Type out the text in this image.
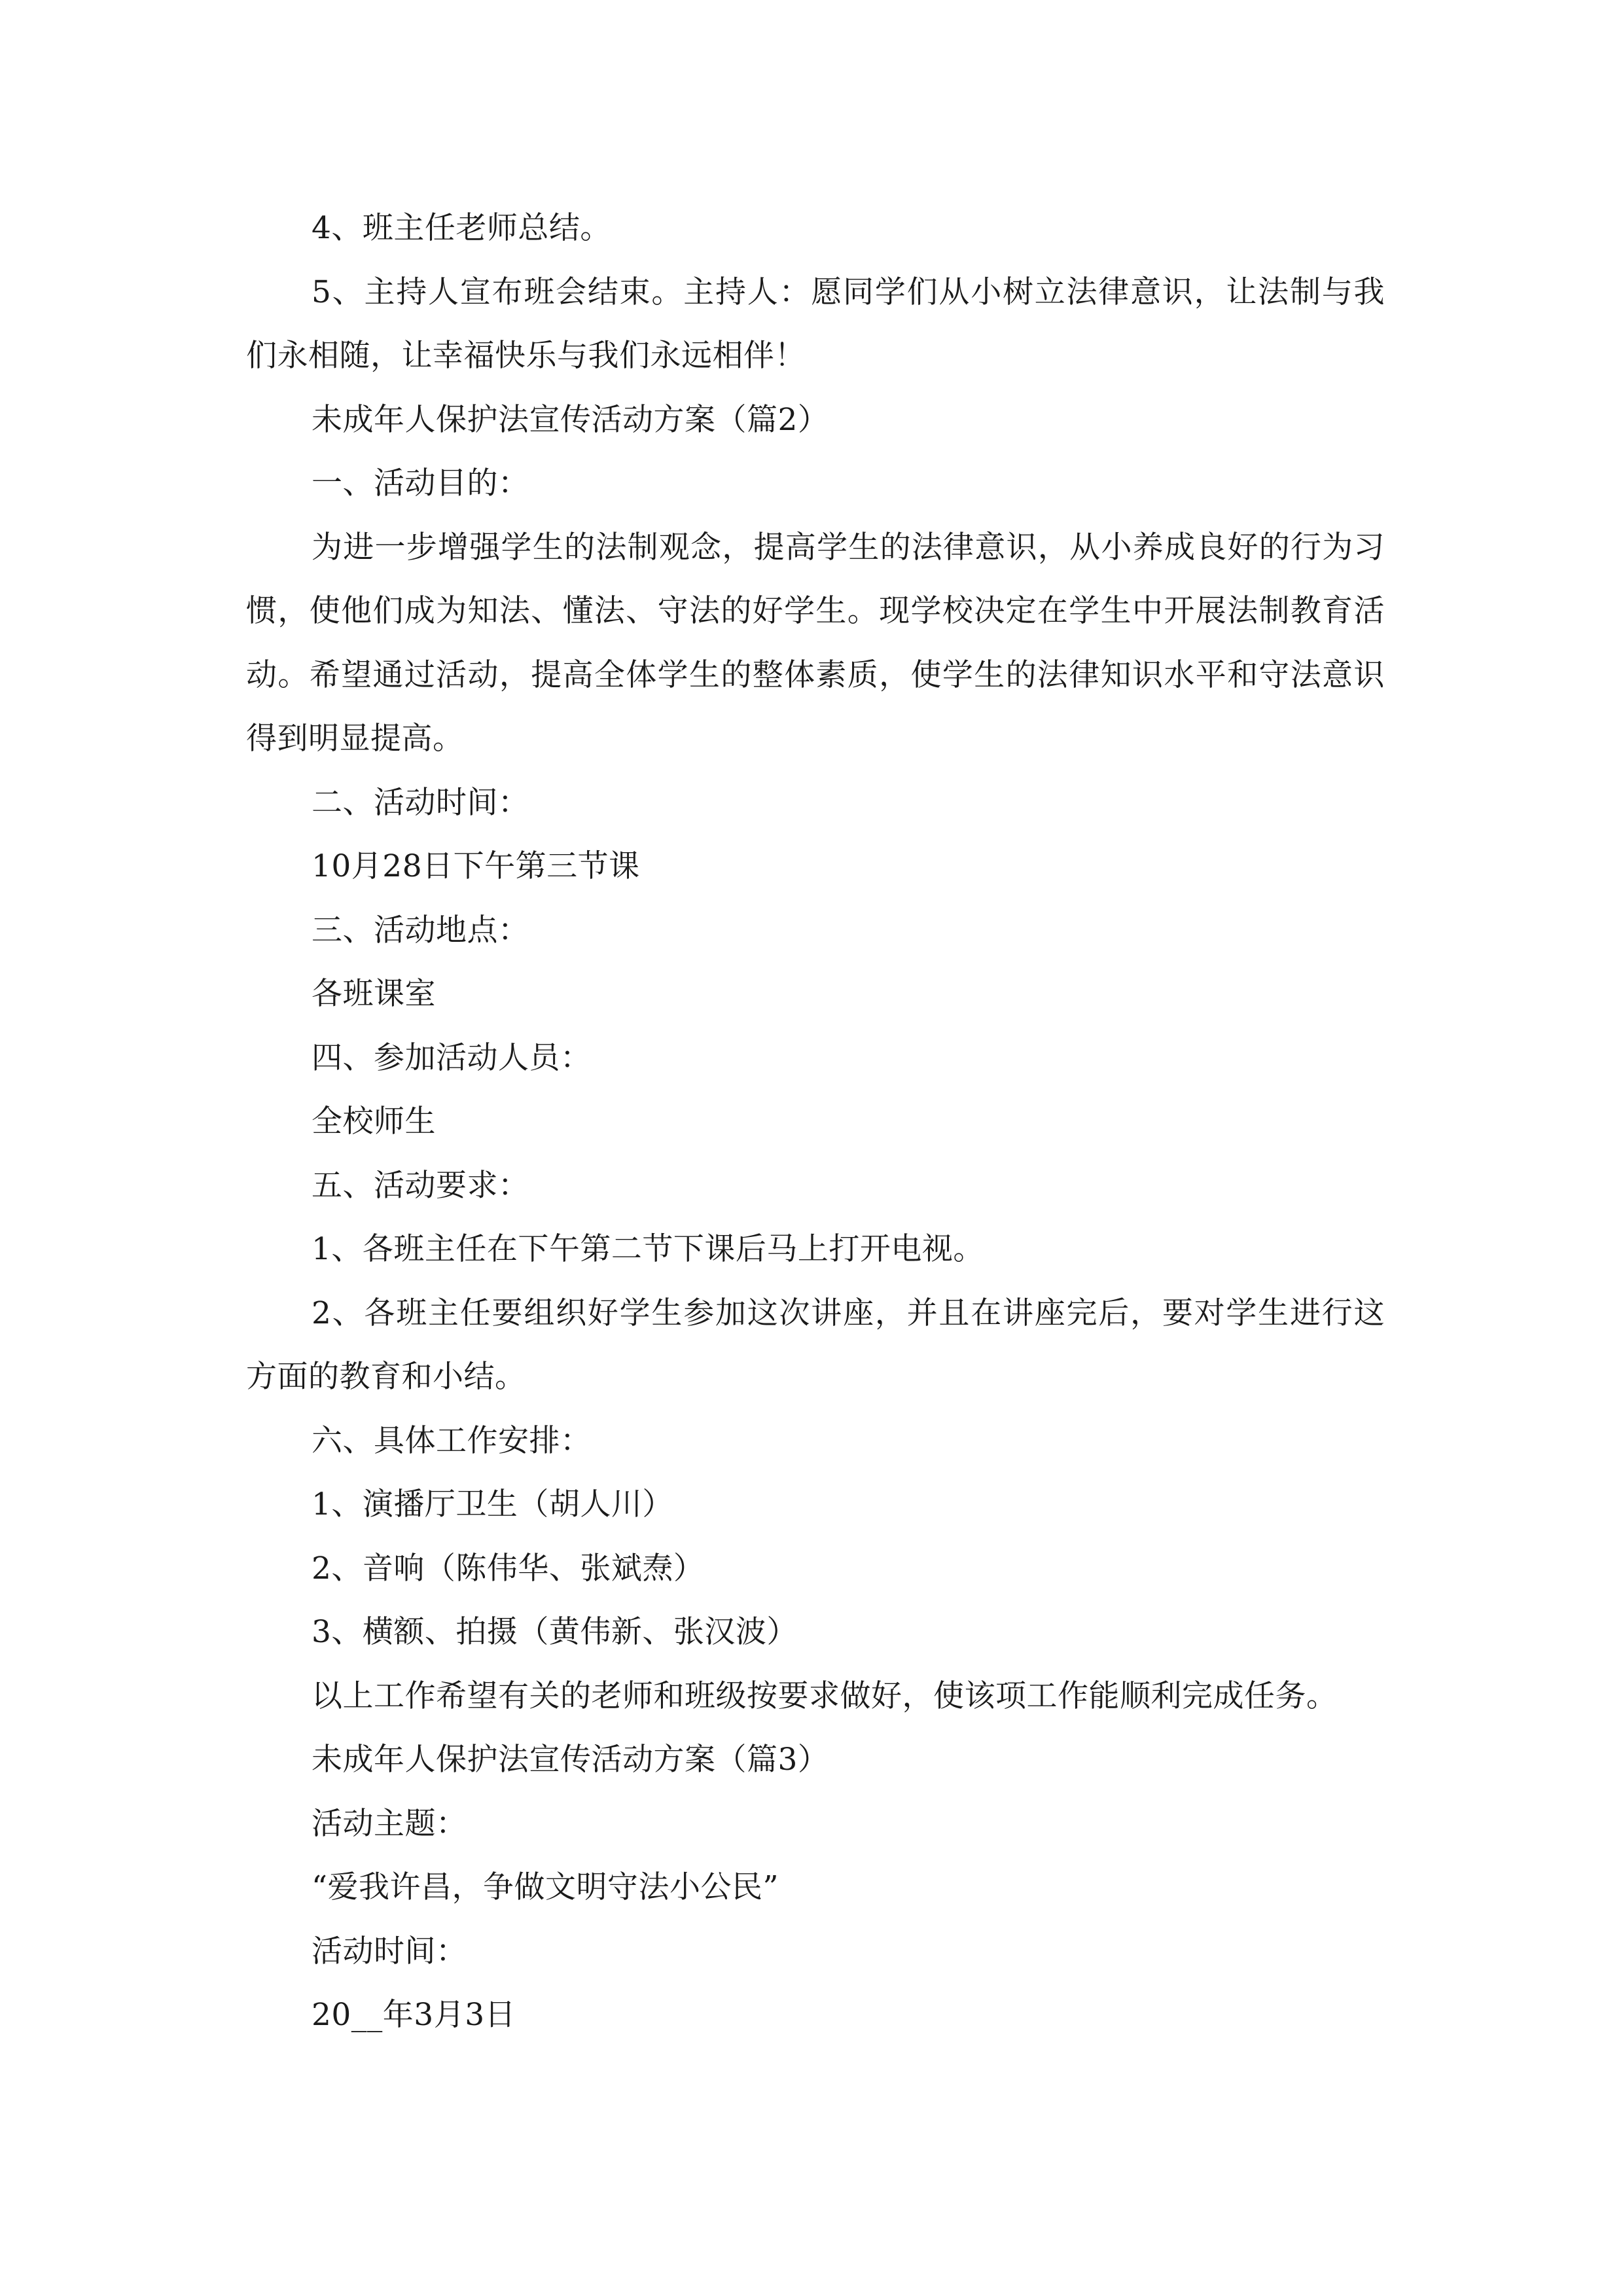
4、班主任老师总结。

5、主持人宣布班会结束。主持人：愿同学们从小树立法律意识，让法制与我们永相随，让幸福快乐与我们永远相伴！

未成年人保护法宣传活动方案（篇2）

一、活动目的：

为进一步增强学生的法制观念，提高学生的法律意识，从小养成良好的行为习惯，使他们成为知法、懂法、守法的好学生。现学校决定在学生中开展法制教育活动。希望通过活动，提高全体学生的整体素质，使学生的法律知识水平和守法意识得到明显提高。

二、活动时间：

10月28日下午第三节课

三、活动地点：

各班课室

四、参加活动人员：

全校师生

五、活动要求：

1、各班主任在下午第二节下课后马上打开电视。

2、各班主任要组织好学生参加这次讲座，并且在讲座完后，要对学生进行这方面的教育和小结。

六、具体工作安排：

1、演播厅卫生（胡人川）

2、音响（陈伟华、张斌焘）

3、横额、拍摄（黄伟新、张汉波）

以上工作希望有关的老师和班级按要求做好，使该项工作能顺利完成任务。

未成年人保护法宣传活动方案（篇3）

活动主题：

“爱我许昌，争做文明守法小公民”

活动时间：

20__年3月3日
